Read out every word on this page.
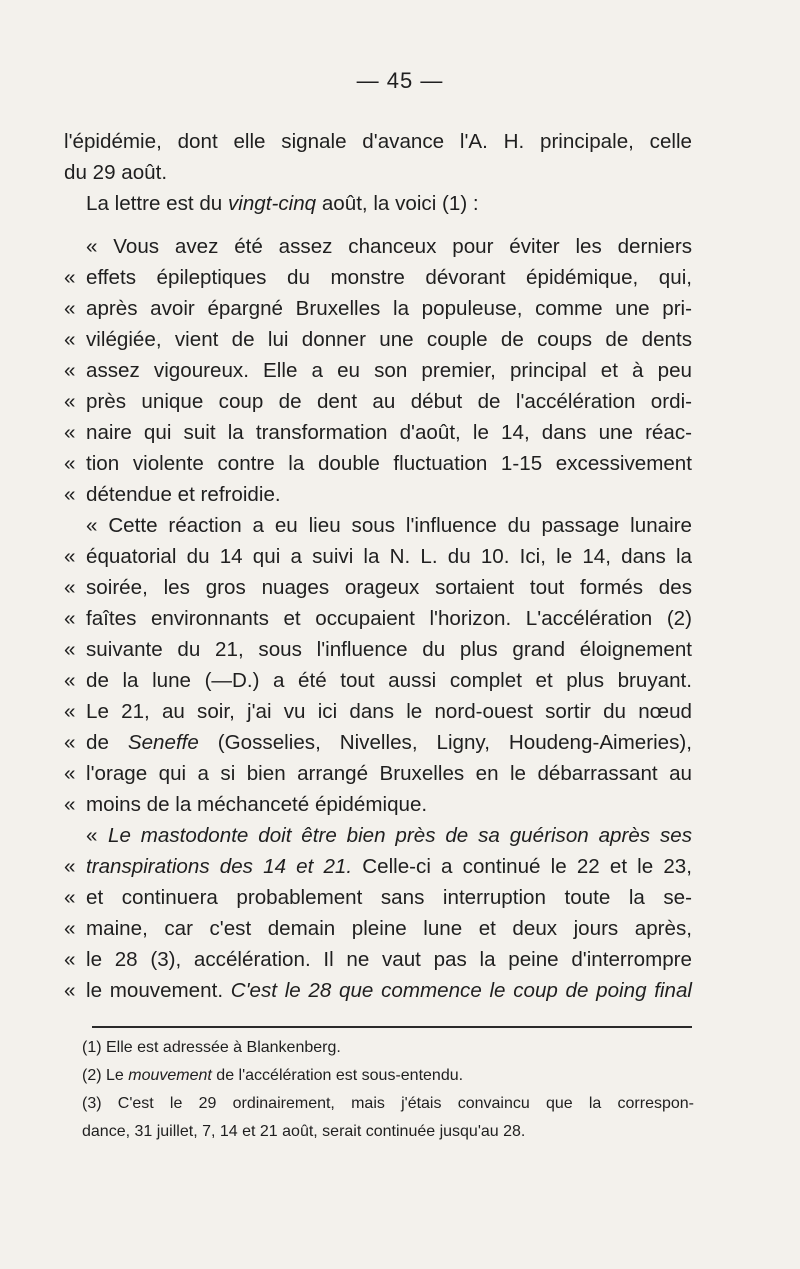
— 45 —
l'épidémie, dont elle signale d'avance l'A. H. principale, celle
du 29 août.
La lettre est du vingt-cinq août, la voici (1) :
« Vous avez été assez chanceux pour éviter les derniers
« effets épileptiques du monstre dévorant épidémique, qui,
« après avoir épargné Bruxelles la populeuse, comme une pri-
« vilégiée, vient de lui donner une couple de coups de dents
« assez vigoureux. Elle a eu son premier, principal et à peu
« près unique coup de dent au début de l'accélération ordi-
« naire qui suit la transformation d'août, le 14, dans une réac-
« tion violente contre la double fluctuation 1-15 excessivement
« détendue et refroidie.
« Cette réaction a eu lieu sous l'influence du passage lunaire
« équatorial du 14 qui a suivi la N. L. du 10. Ici, le 14, dans la
« soirée, les gros nuages orageux sortaient tout formés des
« faîtes environnants et occupaient l'horizon. L'accélération (2)
« suivante du 21, sous l'influence du plus grand éloignement
« de la lune (—D.) a été tout aussi complet et plus bruyant.
« Le 21, au soir, j'ai vu ici dans le nord-ouest sortir du nœud
« de Seneffe (Gosselies, Nivelles, Ligny, Houdeng-Aimeries),
« l'orage qui a si bien arrangé Bruxelles en le débarrassant au
« moins de la méchanceté épidémique.
« Le mastodonte doit être bien près de sa guérison après ses
« transpirations des 14 et 21. Celle-ci a continué le 22 et le 23,
« et continuera probablement sans interruption toute la se-
« maine, car c'est demain pleine lune et deux jours après,
« le 28 (3), accélération. Il ne vaut pas la peine d'interrompre
« le mouvement. C'est le 28 que commence le coup de poing final
(1) Elle est adressée à Blankenberg.
(2) Le mouvement de l'accélération est sous-entendu.
(3) C'est le 29 ordinairement, mais j'étais convaincu que la correspon-
dance, 31 juillet, 7, 14 et 21 août, serait continuée jusqu'au 28.
